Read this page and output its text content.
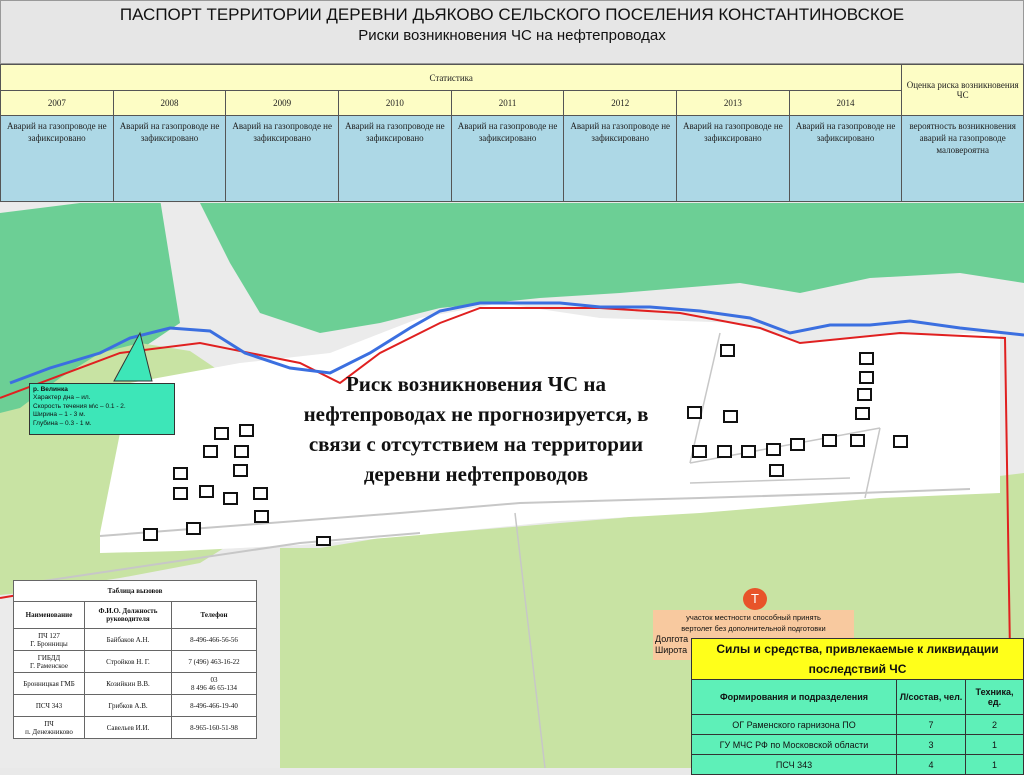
ПАСПОРТ ТЕРРИТОРИИ ДЕРЕВНИ ДЬЯКОВО СЕЛЬСКОГО ПОСЕЛЕНИЯ КОНСТАНТИНОВСКОЕ
Риски возникновения ЧС на нефтепроводах
Статистика								Оценка риска возникновения ЧС
2007	2008	2009	2010	2011	2012	2013	2014	

Аварий на газопроводе не зафиксировано	Аварий на газопроводе не зафиксировано	Аварий на газопроводе не зафиксировано	Аварий на газопроводе не зафиксировано	Аварий на газопроводе не зафиксировано	Аварий на газопроводе не зафиксировано	Аварий на газопроводе не зафиксировано	Аварий на газопроводе не зафиксировано	вероятность возникновения аварий на газопроводе маловероятна
Риск возникновения ЧС на нефтепроводах не прогнозируется, в связи с отсутствием на территории деревни нефтепроводов
р. Велинка
Характер дна – ил.
Скорость течения м\с – 0.1 - 2.
Ширина – 1 - 3 м.
Глубина – 0.3 - 1 м.
Т
участок местности способный принять
вертолет без дополнительной подготовки
Долгота
Широта
Таблица вызовов		
Наименование	Ф.И.О. Должность руководителя	Телефон
ПЧ 127
Г. Бронницы	Байбаков А.Н.	8-496-466-56-56
ГИБДД
Г. Раменское	Стройков Н. Г.	7 (496) 463-16-22
Бронницкая ГМБ	Козийкин В.В.	03
8 496 46 65-134
ПСЧ 343	Грибков А.В.	8-496-466-19-40
ПЧ
п. Денежниково	Савельев И.И.	8-965-160-51-98
Силы и средства, привлекаемые к ликвидации последствий ЧС		
Формирования и подразделения	Л/состав, чел.	Техника, ед.
ОГ Раменского гарнизона ПО	7	2
ГУ МЧС РФ по Московской области	3	1
ПСЧ 343	4	1
